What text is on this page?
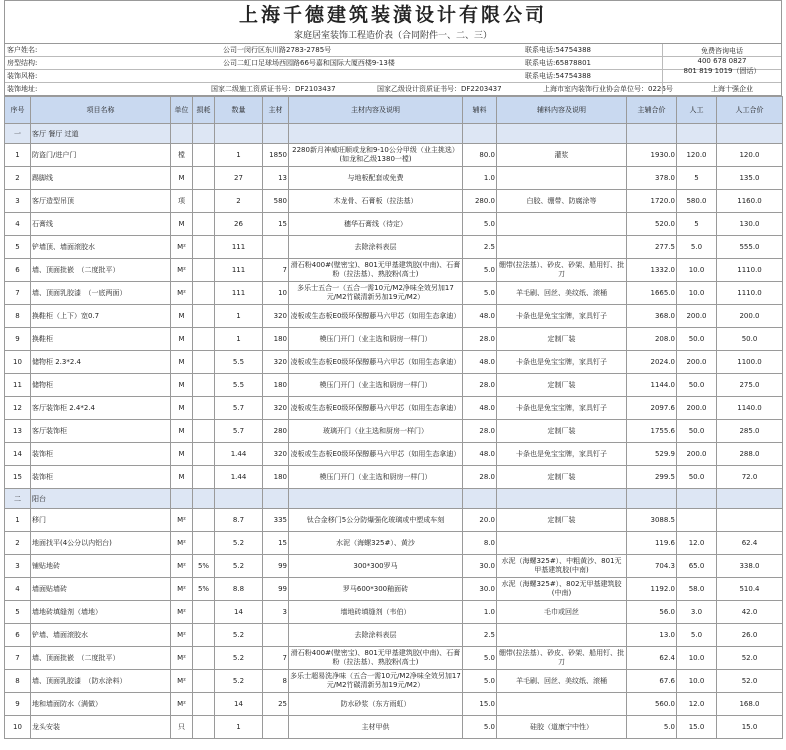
上海千德建筑装潢设计有限公司
家庭居室装饰工程造价表（合同附件一、二、三）
客户姓名:	公司一闵行区东川路2783-2785号	联系电话:54754388
房型结构:	公司二虹口足球场西园路66号嘉和国际大厦西楼9-13楼	联系电话:65878801
装饰风格:	联系电话:54754388
装饰地址:	国家二级施工资质证书号：DF2103437	国家乙级设计资质证书号：DF2203437	上海市室内装饰行业协会单位号：0226号	上海十强企业
免费咨询电话
400 678 0827
801 819 1019（固话）
序号	项目名称	单位	损耗	数量	主材	主材内容及说明	辅料	辅料内容及说明	主辅合价	人工	人工合价
一	客厅 餐厅 过道										
1	防盗门/进户门	樘		1	1850	2280新月神威旺顺或龙和9-10公分甲级（业主挑选）(如龙和乙级1380一樘)	80.0	灌浆	1930.0	120.0	120.0
2	踢脚线	M		27	13	与地板配套或免费	1.0		378.0	5	135.0
3	客厅造型吊顶	项		2	580	木龙骨、石膏板（拉法基）	280.0	白胶、绷带、防腐涂等	1720.0	580.0	1160.0
4	石膏线	M		26	15	穗华石膏线（待定）	5.0		520.0	5	130.0
5	铲墙顶、墙面滚胶水	M²		111		去除涂料表层	2.5		277.5	5.0	555.0
6	墙、顶面批嵌　（二度批平）	M²		111	7	滑石粉400#(壁密宝)、801无甲基建筑胶(中南)、石膏粉（拉法基）、熟胶粉(高士)	5.0	绷带(拉法基）、砂皮、砂架、船用钉、批刀	1332.0	10.0	1110.0
7	墙、顶面乳胶漆　（一底两面）	M²		111	10	多乐士五合一（五合一需10元/M2净味全效另加17元/M2竹碳清新另加19元/M2）	5.0	羊毛刷、回丝、美纹纸、滚桶	1665.0	10.0	1110.0
8	换鞋柜（上下）宽0.7	M		1	320	凌板或生态板E0级环保醇藤马六甲芯（如用生态拿迪）	48.0	卡条也是免宝宝牌，家具钉子	368.0	200.0	200.0
9	换鞋柜	M		1	180	模压门开门（业主选和厨房一样门）	28.0	定制厂装	208.0	50.0	50.0
10	储物柜 2.3*2.4	M		5.5	320	凌板或生态板E0级环保醇藤马六甲芯（如用生态拿迪）	48.0	卡条也是免宝宝牌，家具钉子	2024.0	200.0	1100.0
11	储物柜	M		5.5	180	模压门开门（业主选和厨房一样门）	28.0	定制厂装	1144.0	50.0	275.0
12	客厅装饰柜 2.4*2.4	M		5.7	320	凌板或生态板E0级环保醇藤马六甲芯（如用生态拿迪）	48.0	卡条也是免宝宝牌，家具钉子	2097.6	200.0	1140.0
13	客厅装饰柜	M		5.7	280	玻璃开门（业主选和厨房一样门）	28.0	定制厂装	1755.6	50.0	285.0
14	装饰柜	M		1.44	320	凌板或生态板E0级环保醇藤马六甲芯（如用生态拿迪）	48.0	卡条也是免宝宝牌，家具钉子	529.9	200.0	288.0
15	装饰柜	M		1.44	180	模压门开门（业主选和厨房一样门）	28.0	定制厂装	299.5	50.0	72.0
二	阳台										
1	移门	M²		8.7	335	钛合金移门5公分防爆强化玻璃或中塑成车刻	20.0	定制厂装	3088.5		
2	地面找平(4公分以内铝台)	M²		5.2	15	水泥（海螺325#）、黄沙	8.0		119.6	12.0	62.4
3	铺贴地砖	M²	5%	5.2	99	300*300罗马	30.0	水泥（海螺325#）、中粗黄沙、801无甲基建筑胶(中南)	704.3	65.0	338.0
4	墙面贴墙砖	M²	5%	8.8	99	罗马600*300釉面砖	30.0	水泥（海螺325#）、802无甲基建筑胶(中南)	1192.0	58.0	510.4
5	墙地砖填缝剂（墙地）	M²		14	3	墙地砖填缝剂（韦伯）	1.0	毛巾或回丝	56.0	3.0	42.0
6	铲墙、墙面滚胶水	M²		5.2		去除涂料表层	2.5		13.0	5.0	26.0
7	墙、顶面批嵌　（二度批平）	M²		5.2	7	滑石粉400#(壁密宝)、801无甲基建筑胶(中南)、石膏粉（拉法基）、熟胶粉(高士)	5.0	绷带(拉法基）、砂皮、砂架、船用钉、批刀	62.4	10.0	52.0
8	墙、顶面乳胶漆　（防水涂料）	M²		5.2	8	多乐士超易洗净味（五合一需10元/M2净味全效另加17元/M2竹碳清新另加19元/M2）	5.0	羊毛刷、回丝、美纹纸、滚桶	67.6	10.0	52.0
9	地和墙面防水（满做）	M²		14	25	防水砂浆（东方雨虹）	15.0		560.0	12.0	168.0
10	龙头安装	只		1		主材甲供	5.0	硅胶（道康宁中性）	5.0	15.0	15.0
